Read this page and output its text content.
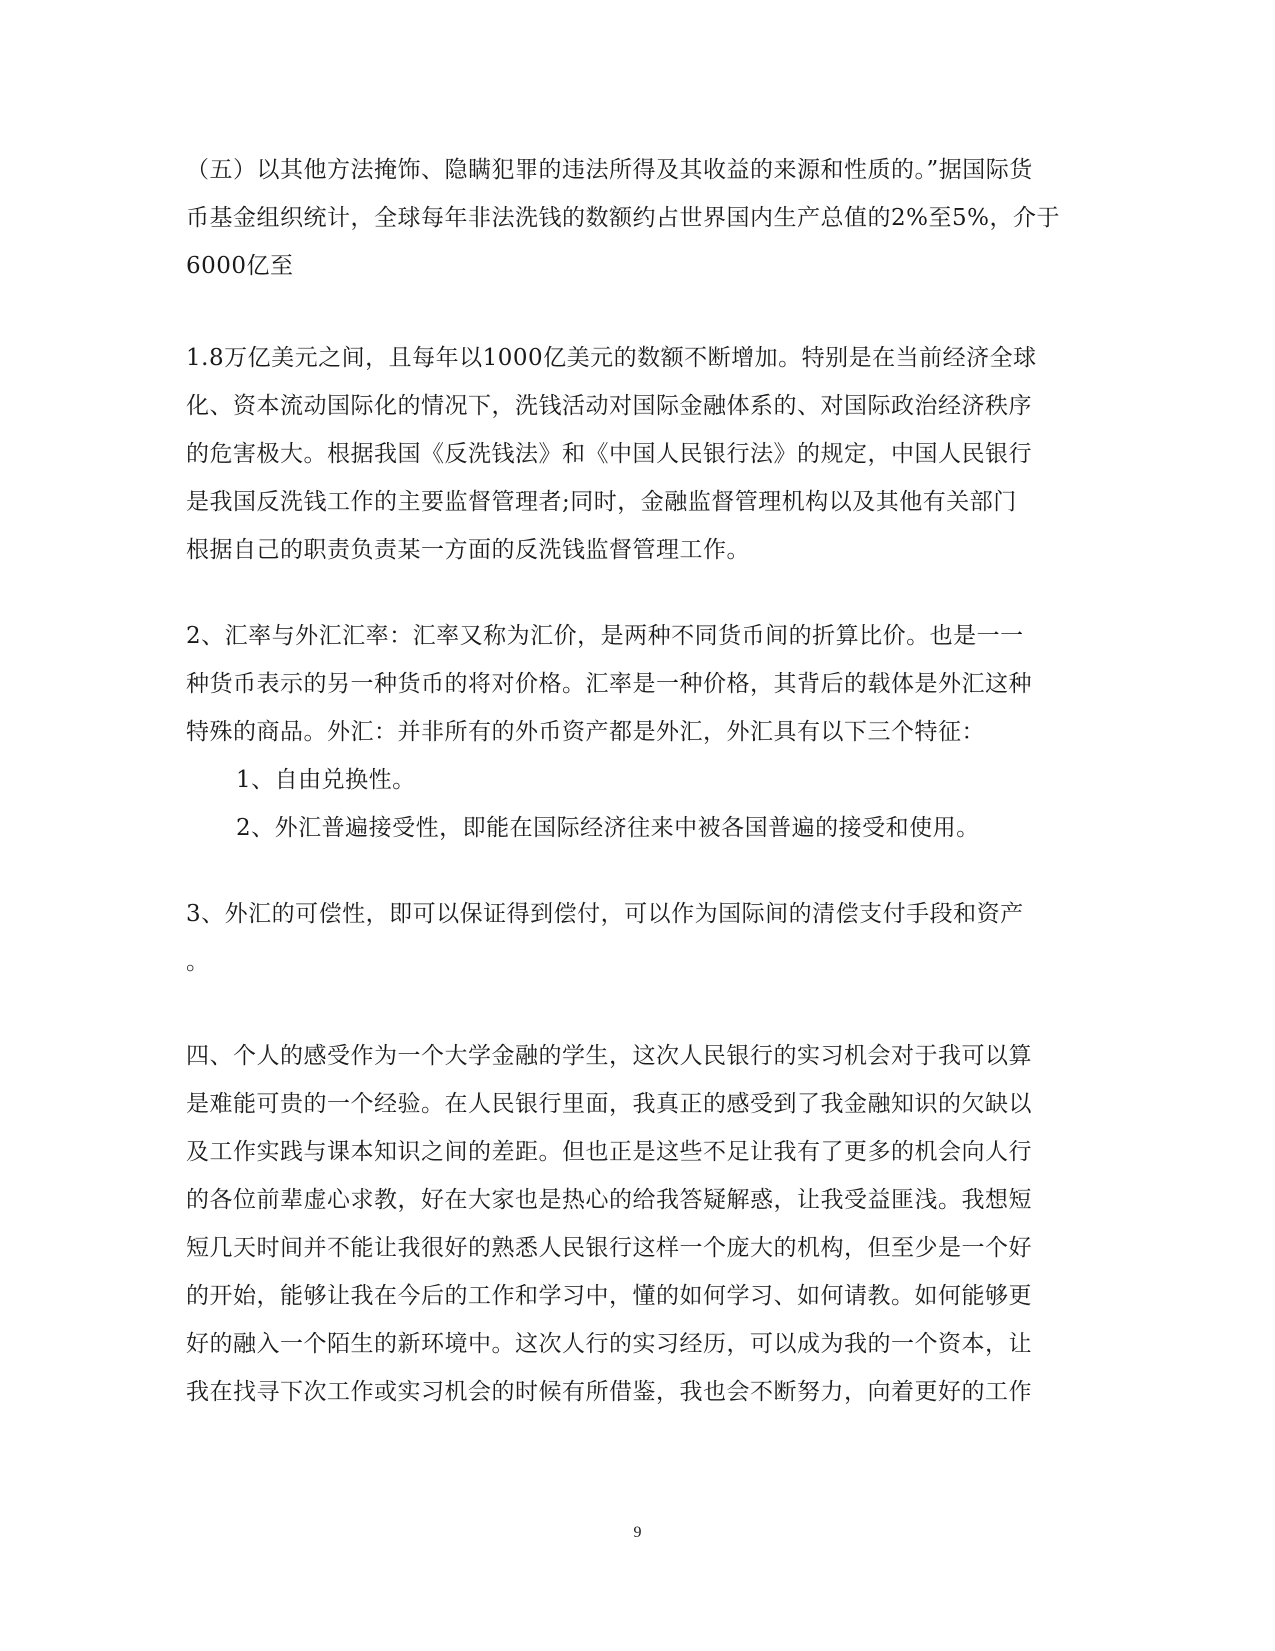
（五）以其他方法掩饰、隐瞒犯罪的违法所得及其收益的来源和性质的。”据国际货
币基金组织统计，全球每年非法洗钱的数额约占世界国内生产总值的2%至5%，介于
6000亿至

1.8万亿美元之间，且每年以1000亿美元的数额不断增加。特别是在当前经济全球
化、资本流动国际化的情况下，洗钱活动对国际金融体系的、对国际政治经济秩序
的危害极大。根据我国《反洗钱法》和《中国人民银行法》的规定，中国人民银行
是我国反洗钱工作的主要监督管理者;同时，金融监督管理机构以及其他有关部门
根据自己的职责负责某一方面的反洗钱监督管理工作。

2、汇率与外汇汇率：汇率又称为汇价，是两种不同货币间的折算比价。也是一一
种货币表示的另一种货币的将对价格。汇率是一种价格，其背后的载体是外汇这种
特殊的商品。外汇：并非所有的外币资产都是外汇，外汇具有以下三个特征：

1、自由兑换性。

2、外汇普遍接受性，即能在国际经济往来中被各国普遍的接受和使用。

3、外汇的可偿性，即可以保证得到偿付，可以作为国际间的清偿支付手段和资产
。

四、个人的感受作为一个大学金融的学生，这次人民银行的实习机会对于我可以算
是难能可贵的一个经验。在人民银行里面，我真正的感受到了我金融知识的欠缺以
及工作实践与课本知识之间的差距。但也正是这些不足让我有了更多的机会向人行
的各位前辈虚心求教，好在大家也是热心的给我答疑解惑，让我受益匪浅。我想短
短几天时间并不能让我很好的熟悉人民银行这样一个庞大的机构，但至少是一个好
的开始，能够让我在今后的工作和学习中，懂的如何学习、如何请教。如何能够更
好的融入一个陌生的新环境中。这次人行的实习经历，可以成为我的一个资本，让
我在找寻下次工作或实习机会的时候有所借鉴，我也会不断努力，向着更好的工作

9
